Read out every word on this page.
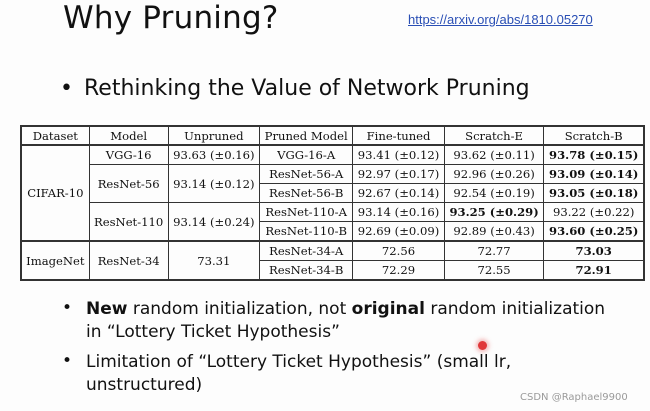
Why Pruning?	https://arxiv.org/abs/1810.05270
• Rethinking the Value of Network Pruning
Dataset	Model	Unpruned	Pruned Model	Fine-tuned	Scratch-E	Scratch-B
CIFAR-10	VGG-16	93.63 (±0.16)	VGG-16-A	93.41 (±0.12)	93.62 (±0.11)	93.78 (±0.15)
	ResNet-56	93.14 (±0.12)	ResNet-56-A	92.97 (±0.17)	92.96 (±0.26)	93.09 (±0.14)
			ResNet-56-B	92.67 (±0.14)	92.54 (±0.19)	93.05 (±0.18)
	ResNet-110	93.14 (±0.24)	ResNet-110-A	93.14 (±0.16)	93.25 (±0.29)	93.22 (±0.22)
			ResNet-110-B	92.69 (±0.09)	92.89 (±0.43)	93.60 (±0.25)
ImageNet	ResNet-34	73.31	ResNet-34-A	72.56	72.77	73.03
			ResNet-34-B	72.29	72.55	72.91
• New random initialization, not original random initialization in “Lottery Ticket Hypothesis”
• Limitation of “Lottery Ticket Hypothesis” (small lr, unstructured)
CSDN @Raphael9900
